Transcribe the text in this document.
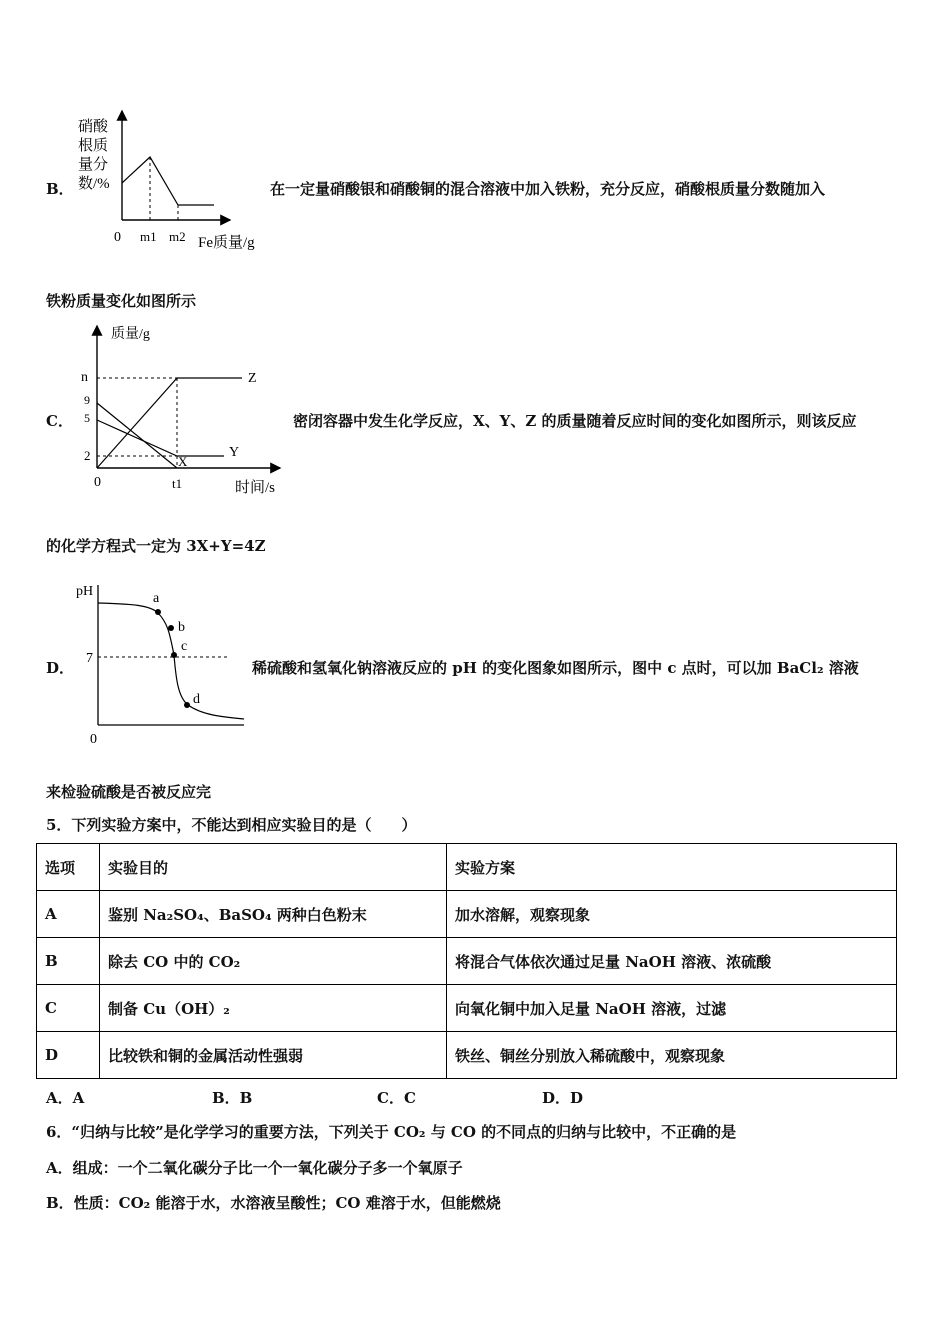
B．
硝酸
根质
量分
数/%
0 m1 m2 Fe质量/g
在一定量硝酸银和硝酸铜的混合溶液中加入铁粉，充分反应，硝酸根质量分数随加入
铁粉质量变化如图所示
C．
质量/g
n
9
5
2
0	t1	时间/s
Z
Y
X
密闭容器中发生化学反应，X、Y、Z 的质量随着反应时间的变化如图所示，则该反应
的化学方程式一定为 3X+Y=4Z
D．
pH
7
0
a
b
c
d
稀硫酸和氢氧化钠溶液反应的 pH 的变化图象如图所示，图中 c 点时，可以加 BaCl₂ 溶液
来检验硫酸是否被反应完
5．下列实验方案中，不能达到相应实验目的是（　　）
选项	实验目的	实验方案
A	鉴别 Na₂SO₄、BaSO₄ 两种白色粉末	加水溶解，观察现象
B	除去 CO 中的 CO₂	将混合气体依次通过足量 NaOH 溶液、浓硫酸
C	制备 Cu（OH）₂	向氧化铜中加入足量 NaOH 溶液，过滤
D	比较铁和铜的金属活动性强弱	铁丝、铜丝分别放入稀硫酸中，观察现象
A．A	B．B	C．C	D．D
6．“归纳与比较”是化学学习的重要方法，下列关于 CO₂ 与 CO 的不同点的归纳与比较中，不正确的是
A．组成：一个二氧化碳分子比一个一氧化碳分子多一个氧原子
B．性质：CO₂ 能溶于水，水溶液呈酸性；CO 难溶于水，但能燃烧
